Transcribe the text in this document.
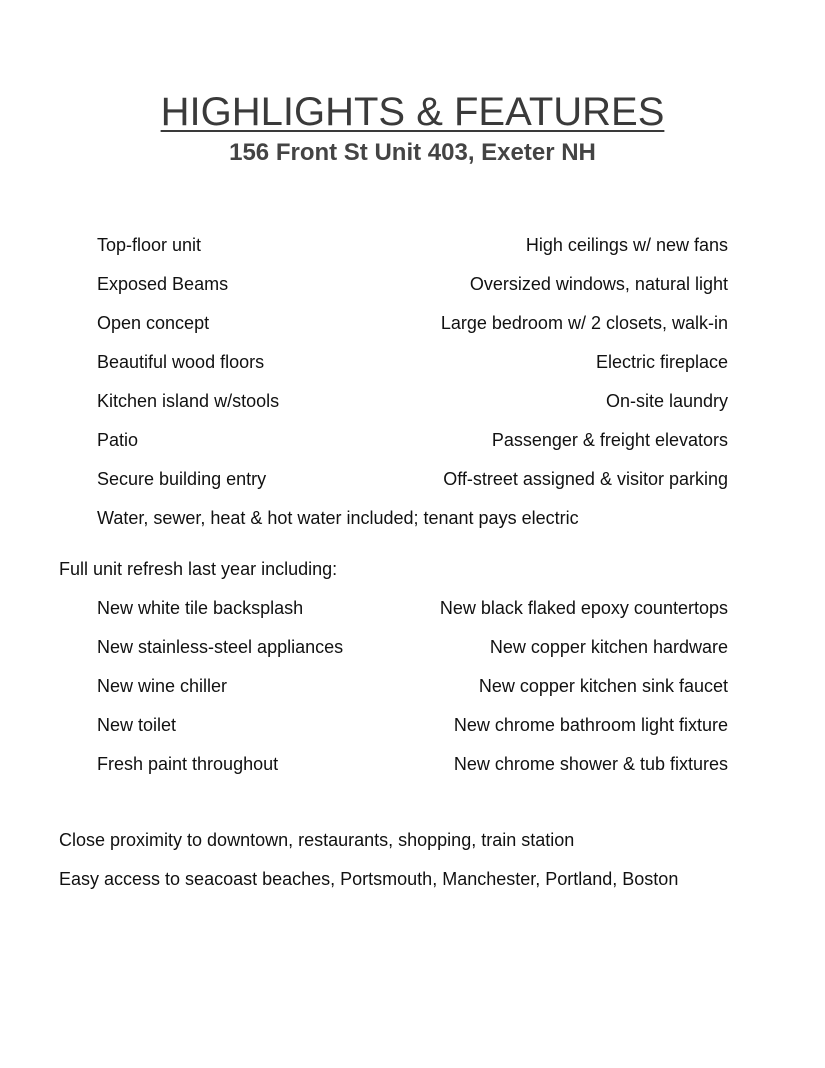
HIGHLIGHTS & FEATURES
156 Front St Unit 403, Exeter NH
Top-floor unit	High ceilings w/ new fans
Exposed Beams	Oversized windows, natural light
Open concept	Large bedroom w/ 2 closets, walk-in
Beautiful wood floors	Electric fireplace
Kitchen island w/stools	On-site laundry
Patio	Passenger & freight elevators
Secure building entry	Off-street assigned & visitor parking
Water, sewer, heat & hot water included; tenant pays electric
Full unit refresh last year including:
New white tile backsplash	New black flaked epoxy countertops
New stainless-steel appliances	New copper kitchen hardware
New wine chiller	New copper kitchen sink faucet
New toilet	New chrome bathroom light fixture
Fresh paint throughout	New chrome shower & tub fixtures
Close proximity to downtown, restaurants, shopping, train station
Easy access to seacoast beaches, Portsmouth, Manchester, Portland, Boston
